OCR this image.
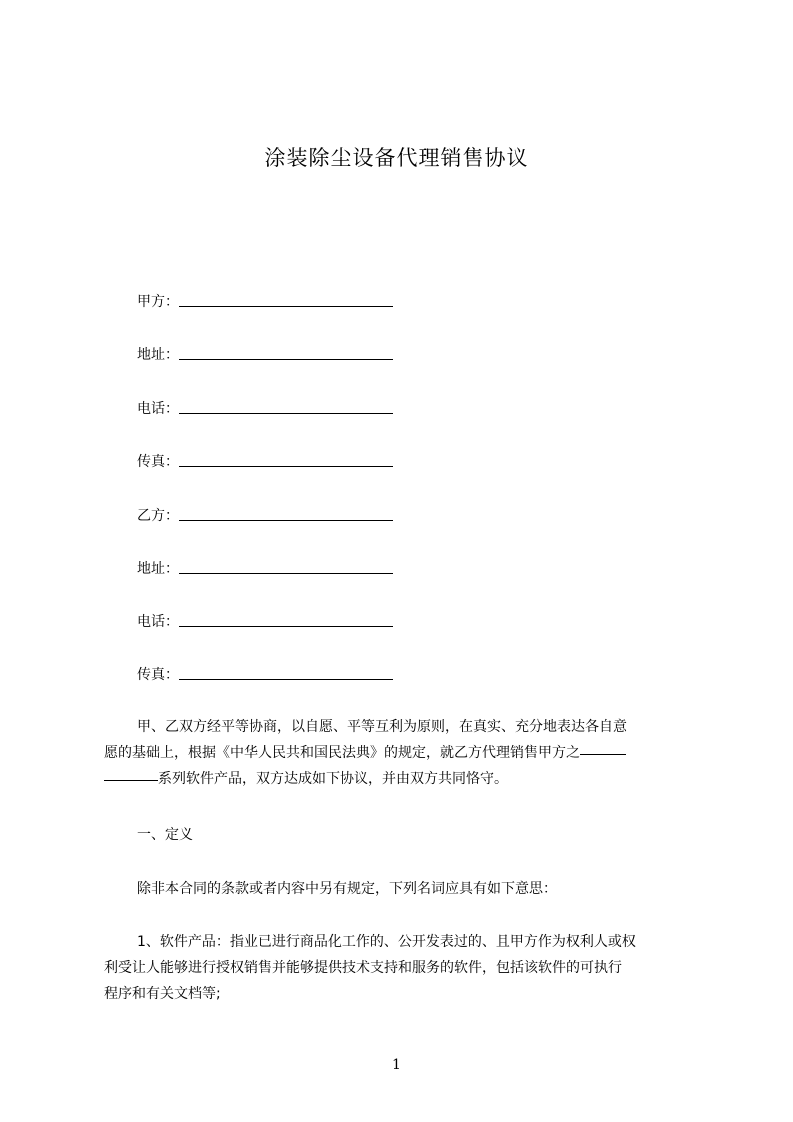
涂装除尘设备代理销售协议
甲方：
地址：
电话：
传真：
乙方：
地址：
电话：
传真：

甲、乙双方经平等协商，以自愿、平等互利为原则，在真实、充分地表达各自意

愿的基础上，根据《中华人民共和国民法典》的规定，就乙方代理销售甲方之

系列软件产品，双方达成如下协议，并由双方共同恪守。

一、定义
除非本合同的条款或者内容中另有规定，下列名词应具有如下意思：

1、软件产品：指业已进行商品化工作的、公开发表过的、且甲方作为权利人或权

利受让人能够进行授权销售并能够提供技术支持和服务的软件，包括该软件的可执行

程序和有关文档等;

1
